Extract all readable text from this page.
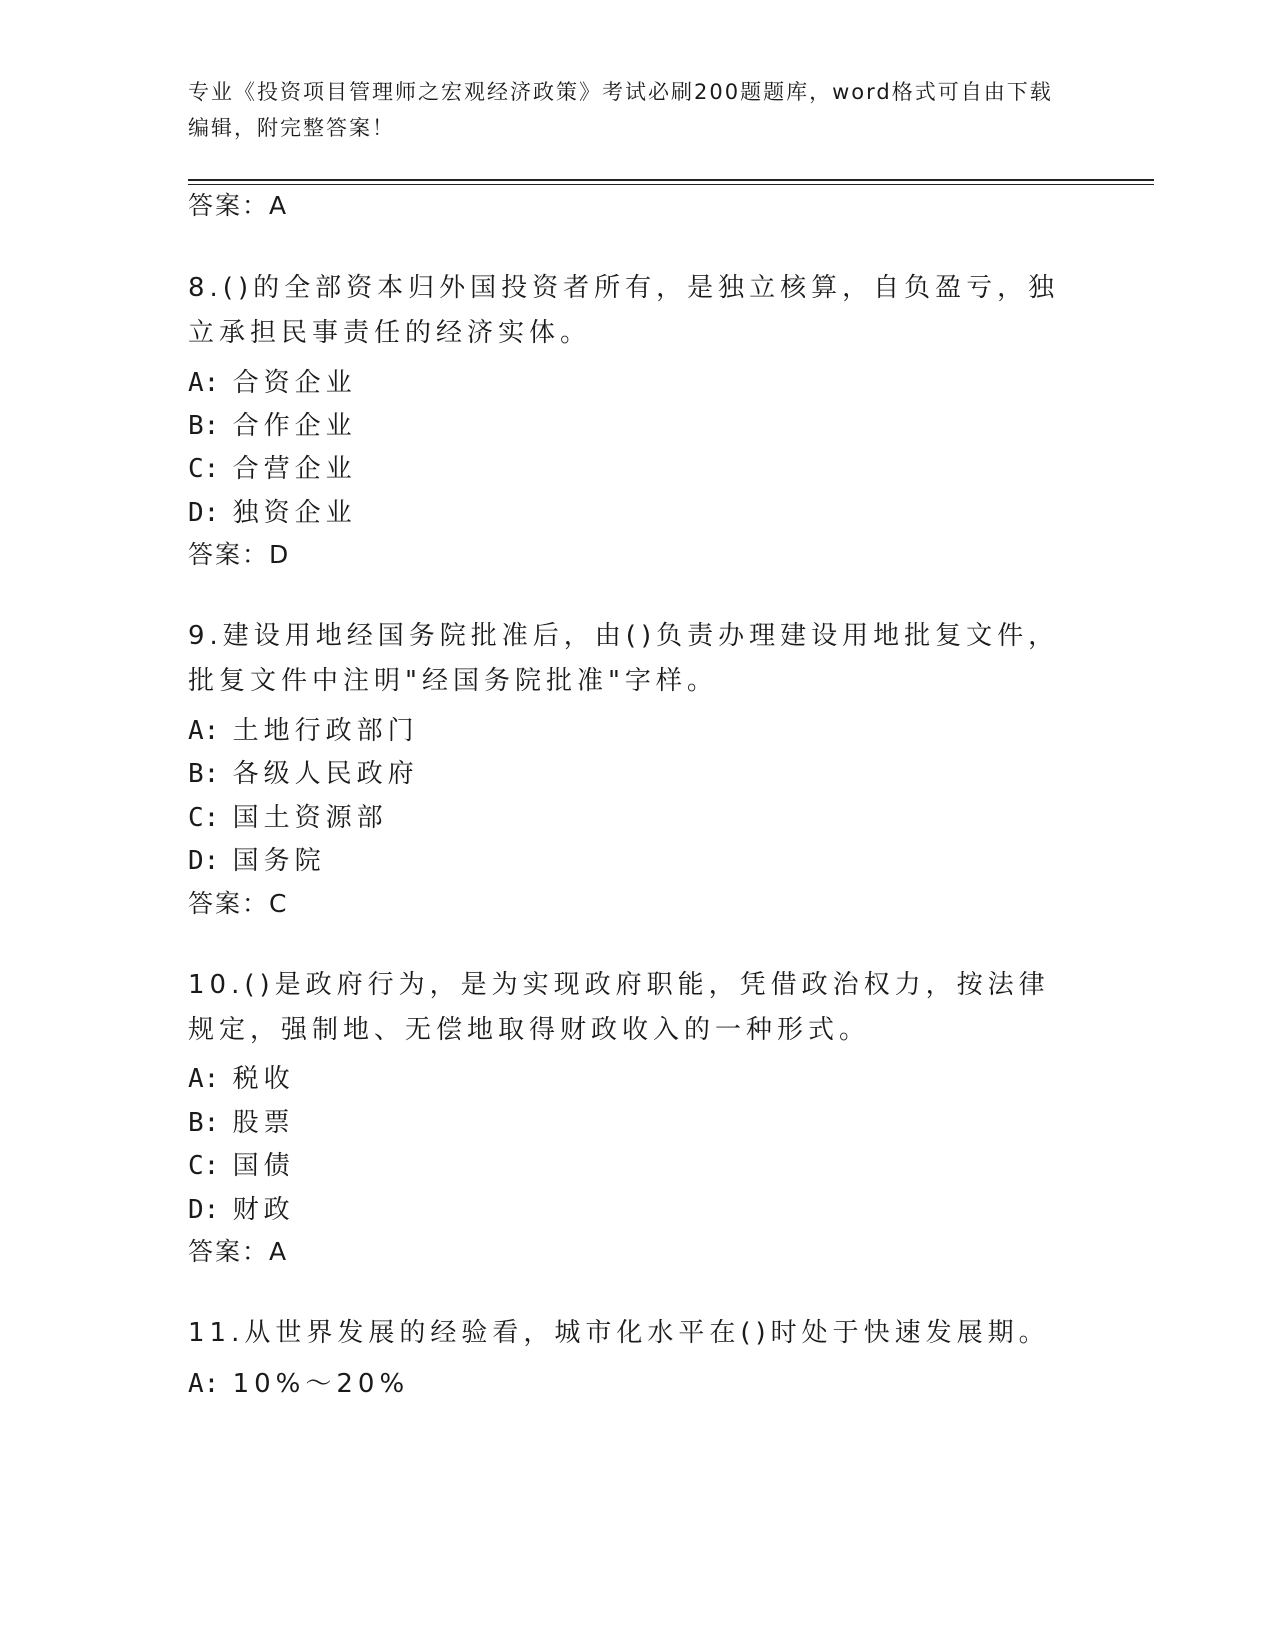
专业《投资项目管理师之宏观经济政策》考试必刷200题题库，word格式可自由下载编辑，附完整答案！
答案：A
8.()的全部资本归外国投资者所有，是独立核算，自负盈亏，独立承担民事责任的经济实体。
A: 合资企业
B: 合作企业
C: 合营企业
D: 独资企业
答案：D
9.建设用地经国务院批准后，由()负责办理建设用地批复文件，批复文件中注明"经国务院批准"字样。
A: 土地行政部门
B: 各级人民政府
C: 国土资源部
D: 国务院
答案：C
10.()是政府行为，是为实现政府职能，凭借政治权力，按法律规定，强制地、无偿地取得财政收入的一种形式。
A: 税收
B: 股票
C: 国债
D: 财政
答案：A
11.从世界发展的经验看，城市化水平在()时处于快速发展期。
A: 10%～20%
